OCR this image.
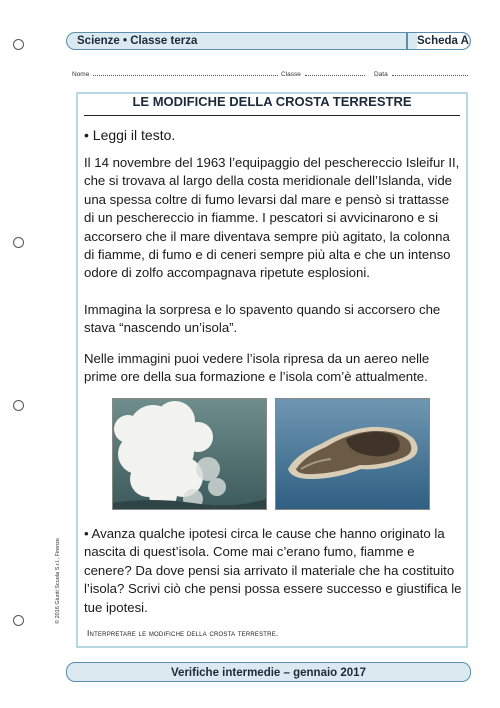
Scienze • Classe terza	Scheda A
Nome	Classe	Data
LE MODIFICHE DELLA CROSTA TERRESTRE
• Leggi il testo.
Il 14 novembre del 1963 l’equipaggio del peschereccio Isleifur II, che si trovava al largo della costa meridionale dell’Islanda, vide una spessa coltre di fumo levarsi dal mare e pensò si trattasse di un peschereccio in fiamme. I pescatori si avvicinarono e si accorsero che il mare diventava sempre più agitato, la colonna di fiamme, di fumo e di ceneri sempre più alta e che un intenso odore di zolfo accompagnava ripetute esplosioni.
Immagina la sorpresa e lo spavento quando si accorsero che stava “nascendo un’isola”.
Nelle immagini puoi vedere l’isola ripresa da un aereo nelle prime ore della sua formazione e l’isola com’è attualmente.
• Avanza qualche ipotesi circa le cause che hanno originato la nascita di quest’isola. Come mai c’erano fumo, fiamme e cenere? Da dove pensi sia arrivato il materiale che ha costituito l’isola? Scrivi ciò che pensi possa essere successo e giustifica le tue ipotesi.
Interpretare le modifiche della crosta terrestre.
© 2016 Giunti Scuola S.r.l., Firenze
Verifiche intermedie – gennaio 2017
